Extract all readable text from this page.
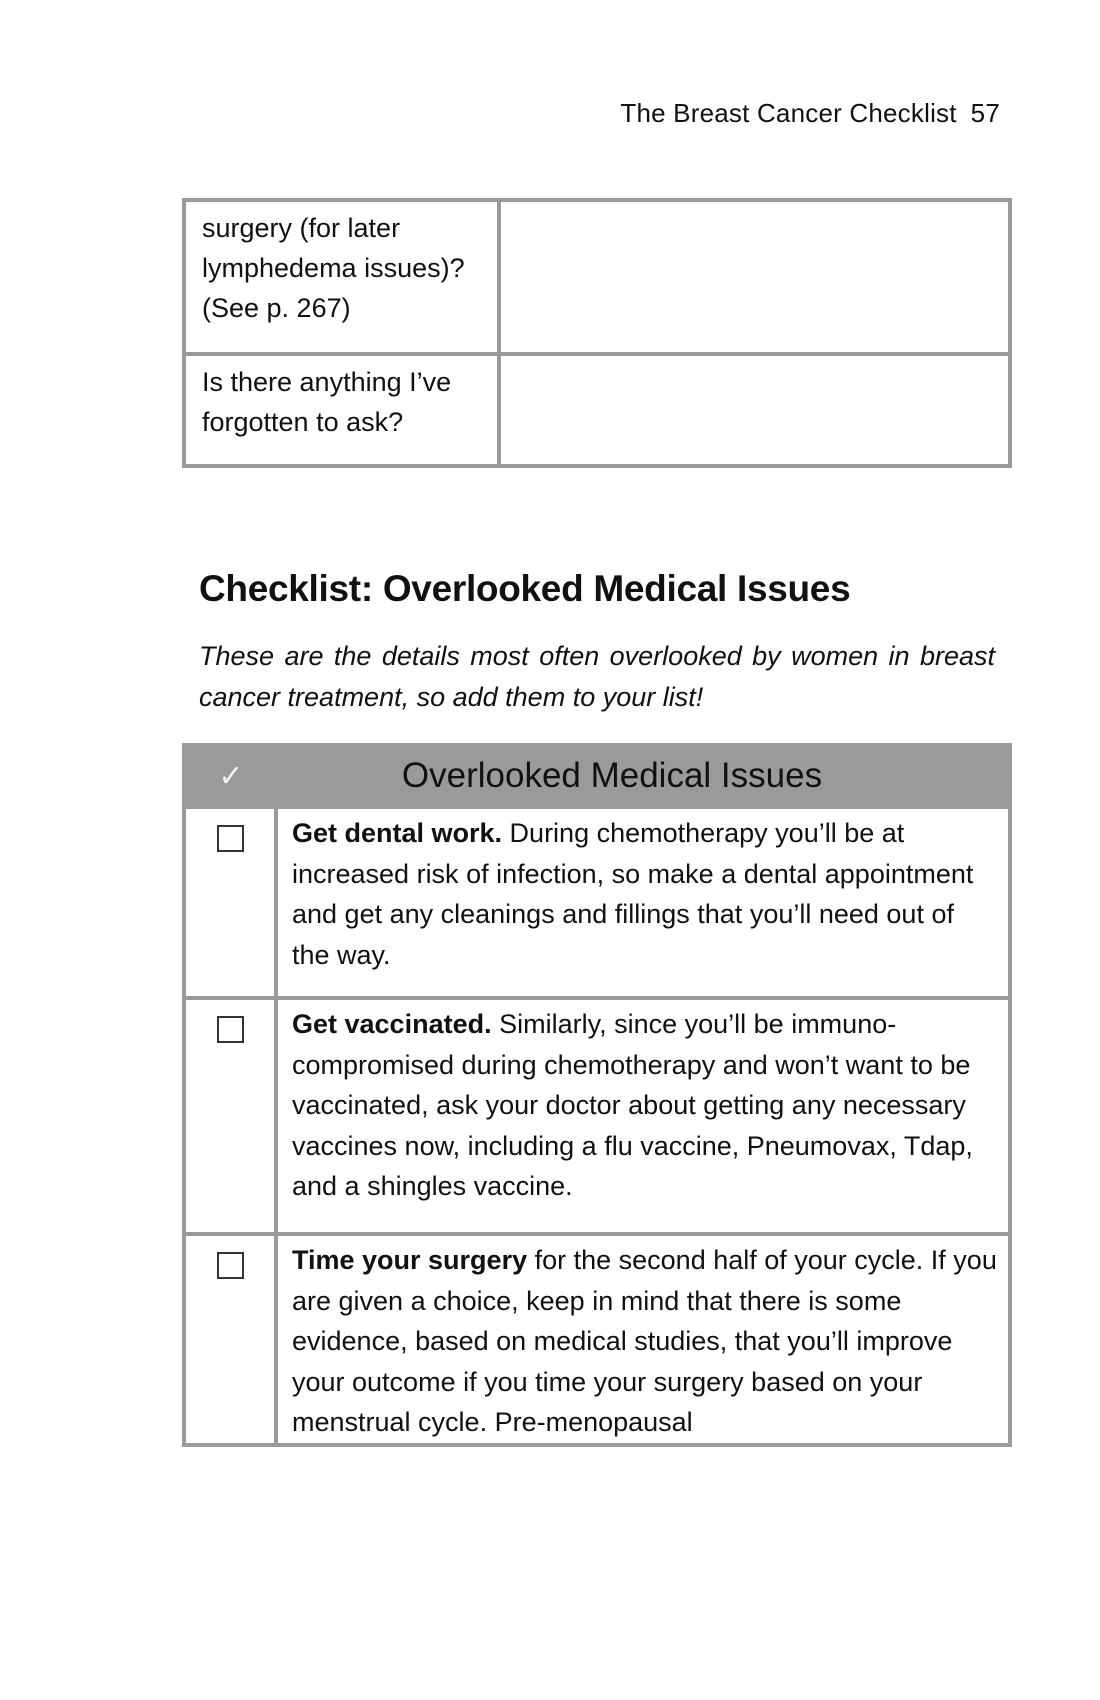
The Breast Cancer Checklist 57
surgery (for later lymphedema issues)? (See p. 267)	
Is there anything I’ve forgotten to ask?	
Checklist: Overlooked Medical Issues

These are the details most often overlooked by women in breast cancer treatment, so add them to your list!

✓	Overlooked Medical Issues
	Get dental work. During chemotherapy you’ll be at increased risk of infection, so make a dental appointment and get any cleanings and fillings that you’ll need out of the way.
	Get vaccinated. Similarly, since you’ll be immuno-compromised during chemotherapy and won’t want to be vaccinated, ask your doctor about getting any necessary vaccines now, including a flu vaccine, Pneumovax, Tdap, and a shingles vaccine.
	Time your surgery for the second half of your cycle. If you are given a choice, keep in mind that there is some evidence, based on medical studies, that you’ll improve your outcome if you time your surgery based on your menstrual cycle. Pre-menopausal
